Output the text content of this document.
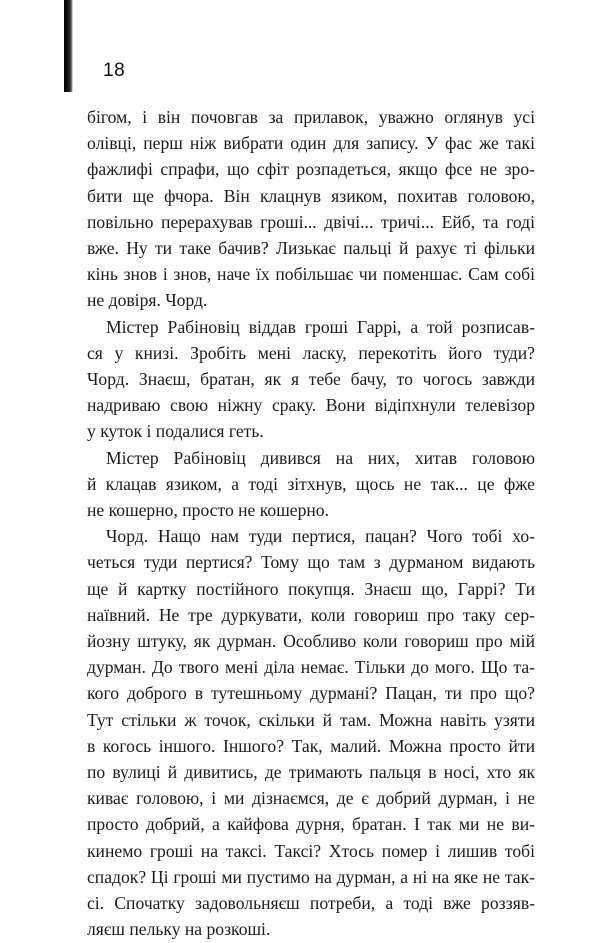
18
бігом, і він почовгав за прилавок, уважно оглянув усі
олівці, перш ніж вибрати один для запису. У фас же такі
фажлифі спрафи, що сфіт розпадеться, якщо фсе не зро-
бити ще фчора. Він клацнув язиком, похитав головою,
повільно перерахував гроші... двічі... тричі... Ейб, та годі
вже. Ну ти таке бачив? Лизькає пальці й рахує ті фільки
кінь знов і знов, наче їх побільшає чи поменшає. Сам собі
не довіря. Чорд.
Містер Рабіновіц віддав гроші Гаррі, а той розписав-
ся у книзі. Зробіть мені ласку, перекотіть його туди?
Чорд. Знаєш, братан, як я тебе бачу, то чогось завжди
надриваю свою ніжну сраку. Вони відіпхнули телевізор
у куток і подалися геть.
Містер Рабіновіц дивився на них, хитав головою
й клацав язиком, а тоді зітхнув, щось не так... це фже
не кошерно, просто не кошерно.
Чорд. Нащо нам туди пертися, пацан? Чого тобі хо-
четься туди пертися? Тому що там з дурманом видають
ще й картку постійного покупця. Знаєш що, Гаррі? Ти
наївний. Не тре дуркувати, коли говориш про таку сер-
йозну штуку, як дурман. Особливо коли говориш про мій
дурман. До твого мені діла немає. Тільки до мого. Що та-
кого доброго в тутешньому дурмані? Пацан, ти про що?
Тут стільки ж точок, скільки й там. Можна навіть узяти
в когось іншого. Іншого? Так, малий. Можна просто йти
по вулиці й дивитись, де тримають пальця в носі, хто як
киває головою, і ми дізнаємся, де є добрий дурман, і не
просто добрий, а кайфова дурня, братан. І так ми не ви-
кинемо гроші на таксі. Таксі? Хтось помер і лишив тобі
спадок? Ці гроші ми пустимо на дурман, а ні на яке не так-
сі. Спочатку задовольняєш потреби, а тоді вже роззяв-
ляєш пельку на розкоші.
